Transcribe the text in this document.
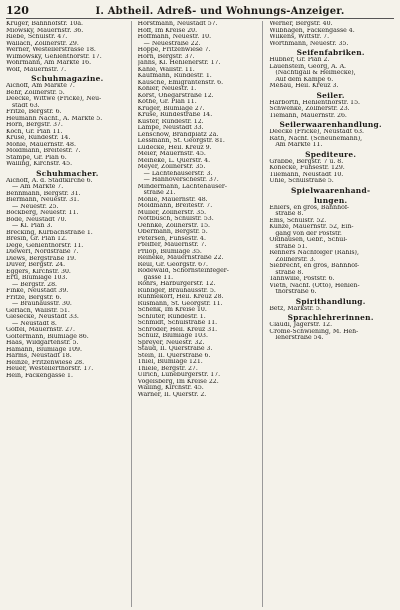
120	I. Abtheil. Adreß- und Wohnungs-Anzeiger.
Krüger, Bahnhofstr. 10a.
Miowsky, Mauernstr. 36.
Riebe, Schulstr. 47.
Wallach, Zöllnerstr. 29.
Werner, Westellerstrasse 18.
Wilmowsky, Gehlenthorstr. 17.
Wöhrmann, Am Markte 16.
Wolf, Mauernstr. 7.
Schuhmagazine.
Aichoff, Am Markte 7.
Behr, Zöllnerstr. 5.
Deecke, Wittwe (Fricke), Neu-
stadt 63.
Fritze, Bergstr. 6.
Heumann Nachf., A. Markte 5.
Horn, Bergstr. 37.
Koch, Gr. Plan 11.
Kruse, Rundestr. 14.
Möhle, Mauernstr. 48.
Moldmann, Breitestr. 7.
Stampe, Gr. Plan 6.
Walling, Kirchstr. 45.
Schuhmacher.
Aichoff, A. d. Stadtkirche 6.
— Am Markte 7.
Bennmann, Bergstr. 31.
Biermann, Neuestr. 31.
— Neuestr. 25.
Bockberg, Neuestr. 11.
Bode, Neustadt 70.
— Kl. Plan 3.
Brecking, Kurbachstraße 1.
Bresin, Gr. Plan 12.
Dege, Gehlenthorstr. 11.
Diewerl, Nordstraße 7.
Diews, Bergstraße 19.
Düver, Bergstr. 24.
Eggers, Kirchstr. 30.
Ertl, Blumlage 103.
— Bergstr. 28.
Finke, Neustadt 39.
Fritze, Bergstr. 6.
— Brauhausstr. 30.
Gerlach, Wallstr. 51.
Giesecke, Neustadt 33.
— Neustadt 8.
Göffel, Mauernstr. 27.
Goltermann, Blumlage 86.
Haas, Wildgartenstr. 5.
Hamann, Blumlage 109.
Harms, Neustadt 18.
Heinze, Fritzenwiese 28.
Heuer, Westellerthorstr. 17.
Hein, Fackengasse 1.
Hörstmann, Neustadt 57.
Hoff, Im Kreise 20.
Hoffmann, Neuestr. 10.
— Neuestraße 22.
Hoppe, Fritzenwiese 7.
Horn, Bergstr. 37.
Jahns, Kl. Hehlenerstr. 17.
Kahle, Wallstr. 11.
Kaufmann, Rundestr. 1.
Kausche, Emigrantenstr. 6.
Köhler, Neuestr. 1.
Korst, Ohegarstraße 12.
Kothe, Gr. Plan 11.
Krüger, Blumlage 27.
Kruse, Rundestraße 14.
Küster, Rundestr. 12.
Lampe, Neustadt 33.
Lenschow, Brandplatz 2a.
Lessmann, St. Georgstr. 81.
Lüdecke, Heil. Kreuz 9.
Meier, Mauernstr. 45.
Meineke, L. Querstr. 4.
Meyer, Zöllnerstr. 35.
— Lachtehäuserstr. 3.
— Hannoverschestr. 37.
Mindermann, Lachtehäuser-
straße 21.
Möhle, Mauernstr. 48.
Moldmann, Breitestr. 7.
Müller, Zöllnerstr. 35.
Nottbusch, Schulstr. 53.
Oehnke, Zöllnerstr. 15.
Obermann, Bergstr. 5.
Petersen, Fuhsestr. 4.
Pfeiffer, Mauernstr. 7.
Prilop, Blumlage 35.
Reineke, Mauernstraße 22.
Reul, Gr. Georgstr. 67.
Rodewald, Schornsteinfeger-
gasse 11.
Röhrs, Harburgerstr. 12.
Rübliger, Brauhausstr. 5.
Rühmekorf, Heil. Kreuz 28.
Rusmann, St. Georgstr. 11.
Schenk, Im Kreise 10.
Schlüter, Rundestr. 1.
Schmidt, Schulstraße 11.
Schröder, Heil. Kreuz 31.
Schulz, Blumlage 103.
Spreyer, Neuestr. 32.
Staud, II. Querstraße 3.
Stein, II. Querstraße 6.
Thiel, Blumlage 121.
Thiele, Bergstr. 27.
Ulrich, Lüneburgerstr. 17.
Vogelsberg, Im Kreise 22.
Walling, Kirchstr. 45.
Warner, II. Querstr. 2.
Werner, Bergstr. 40.
Wilbhagen, Fackengasse 4.
Wilkens, Wittstr. 7.
Worthmann, Neuestr. 35.
Seifenfabriken.
Hübner, Gr. Plan 2.
Lauenstein, Georg, A. A.
(Nachtigall & Helmecke),
Auf dem Kampe 6.
Meßau, Heil. Kreuz 3.
Seiler.
Harborth, Hehlenthorstr. 15.
Schwenke, Zöllnerstr. 23.
Tiemann, Mauernstr. 26.
Seilerwaarenhandlung.
Deecke (Fricke), Neustadt 63.
Rath, Nachf. (Scheunemann),
Am Markte 11.
Spediteure.
Grabbe, Bergstr. 7 u. 8.
Könecke, Fuhsestr. 129.
Tilemann, Neustadt 10.
Uhle, Schulstraße 5.
Spielwaarenhand-
lungen.
Ehlers, en gros, Bahnhof-
straße 8.
Ems, Schulstr. 52.
Kunze, Mauernstr. 52, Ein-
gang von der Poststr.
Oldhausen, Gebr., Schul-
straße 51.
Renners Nachfolger (Rahls),
Zöllnerstr. 3.
Siebrecht, en gros, Bahnhof-
straße 8.
Tannwille, Poststr. 6.
Vieth, Nachf. (Otto), Hehlen-
thorstraße 6.
Spirithandlung.
Betz, Markstr. 5.
Sprachlehrerinnen.
Claudi, Jägerstr. 12.
Crome-Schwiening, M. Heh-
lenerstraße 54.
